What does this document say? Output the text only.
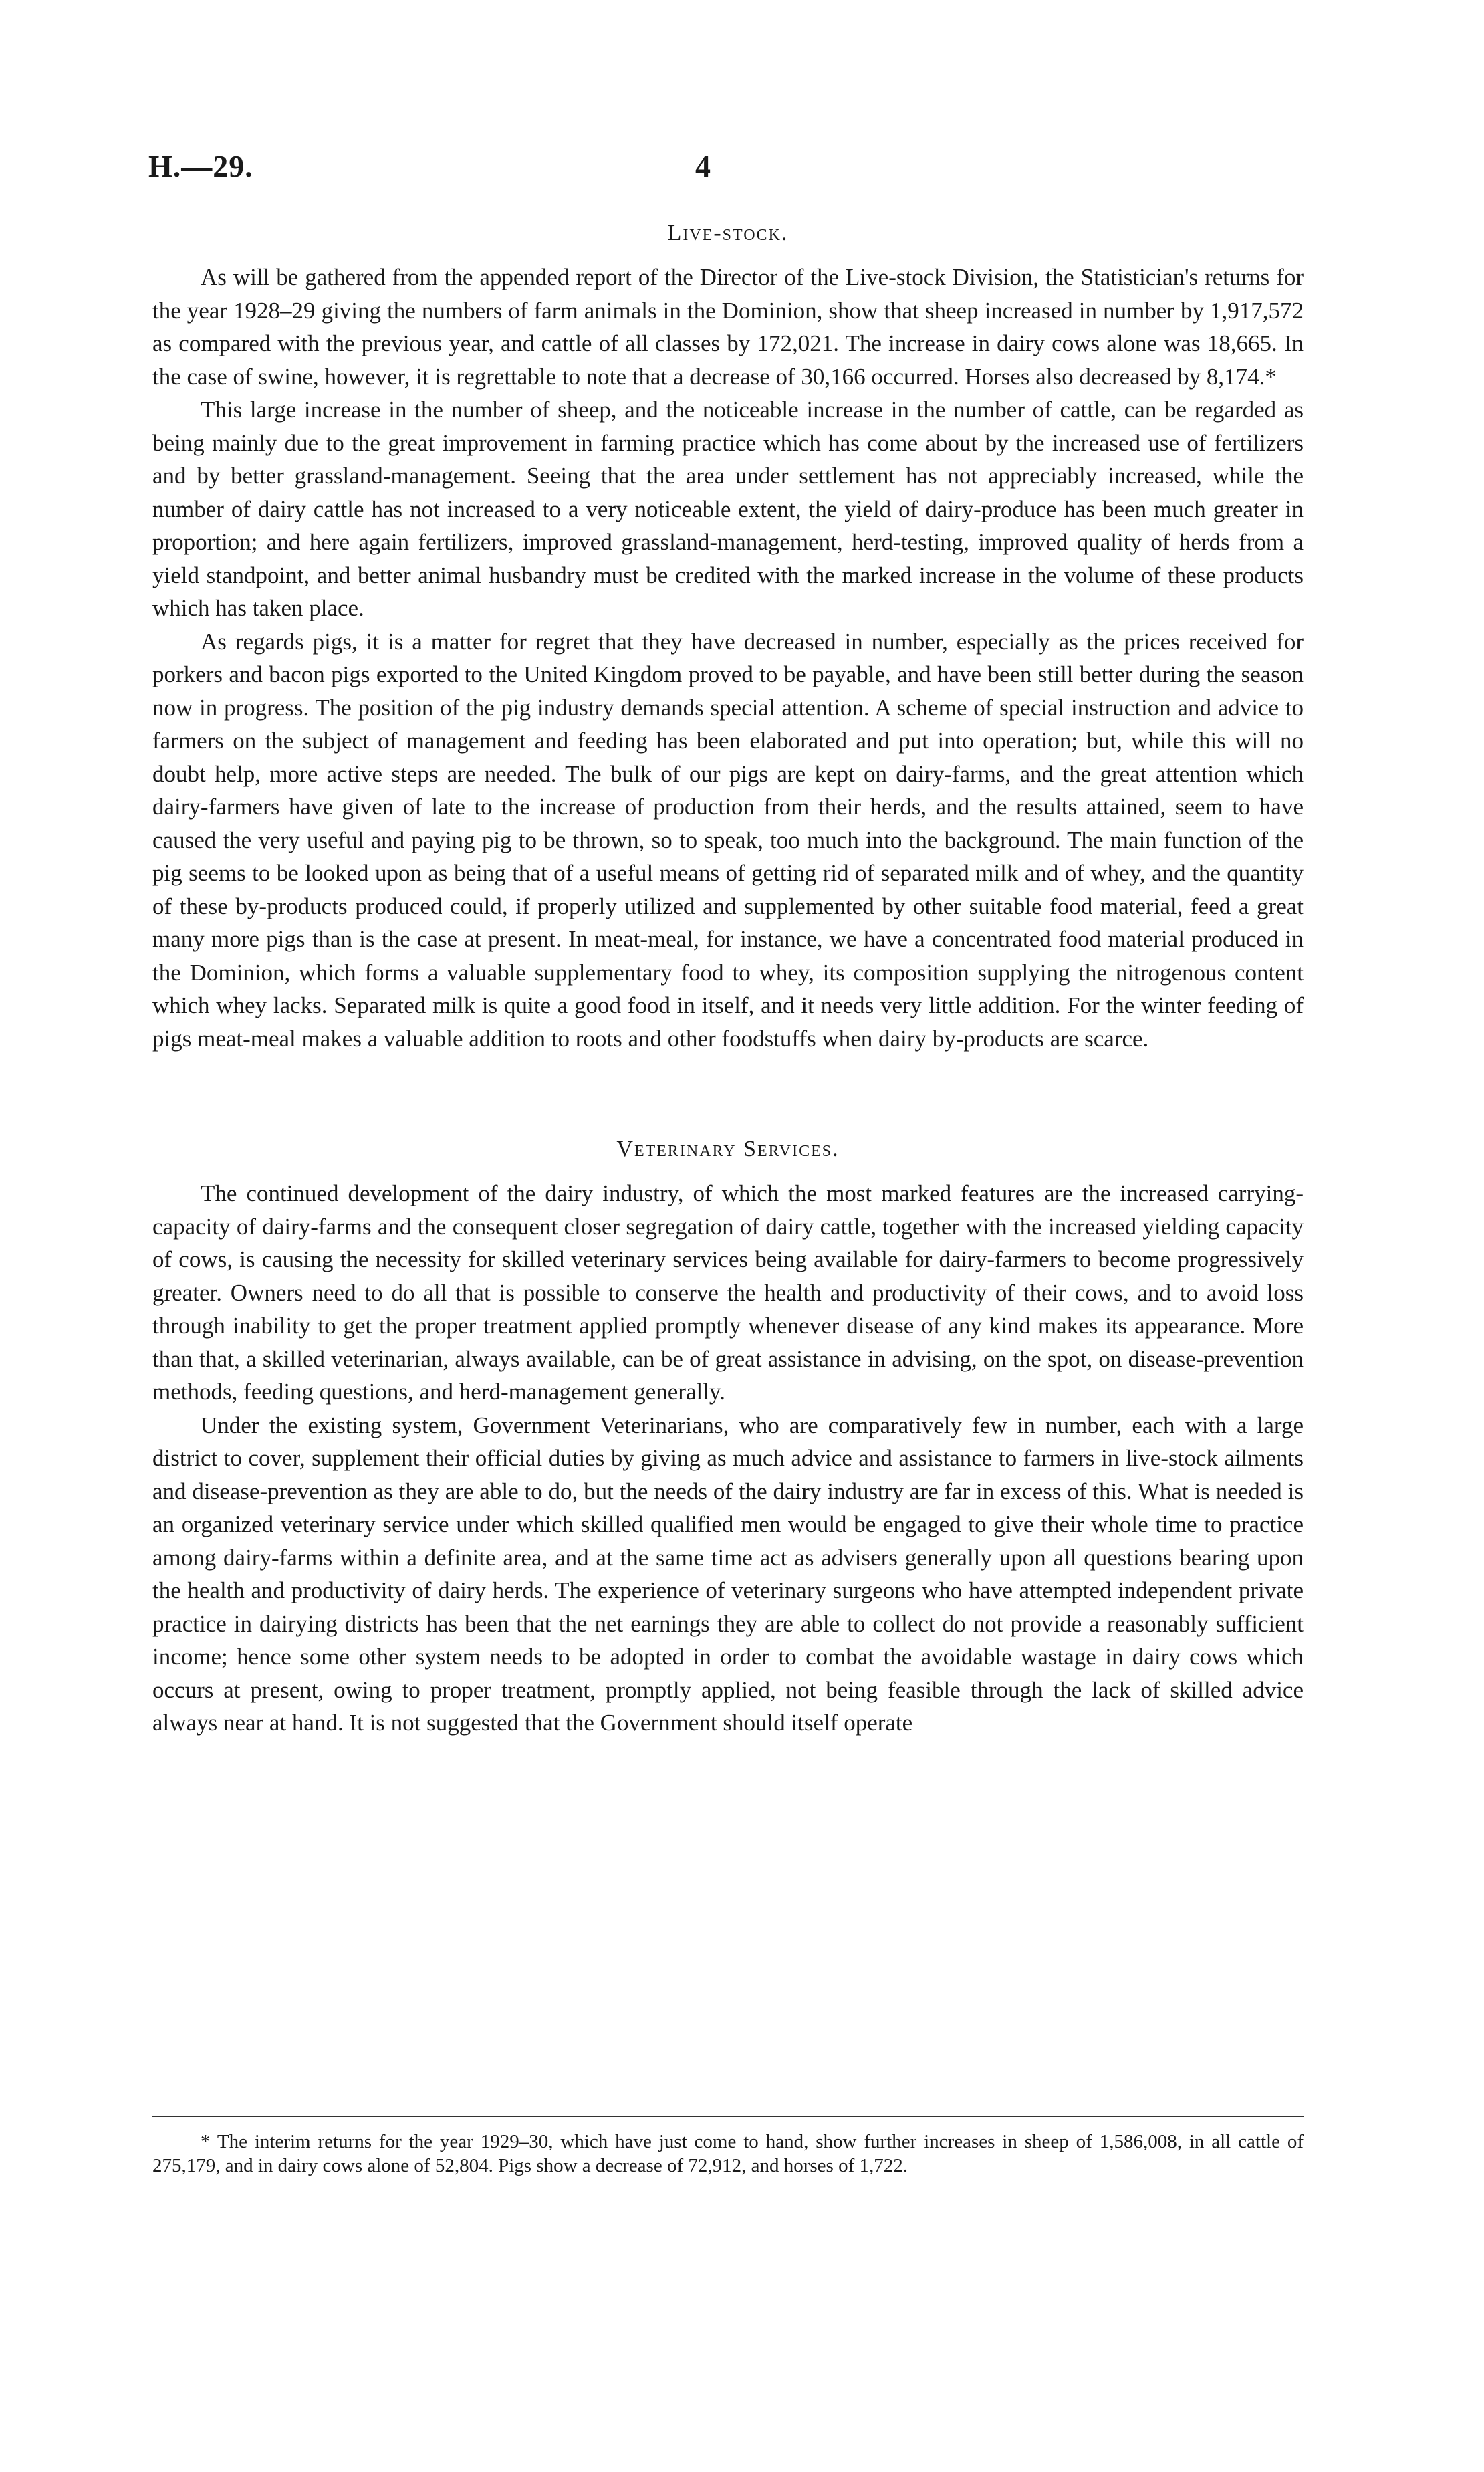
H.—29.	4
Live-stock.

As will be gathered from the appended report of the Director of the Live-stock Division, the Statistician's returns for the year 1928–29 giving the numbers of farm animals in the Dominion, show that sheep increased in number by 1,917,572 as compared with the previous year, and cattle of all classes by 172,021. The increase in dairy cows alone was 18,665. In the case of swine, however, it is regrettable to note that a decrease of 30,166 occurred. Horses also decreased by 8,174.*

This large increase in the number of sheep, and the noticeable increase in the number of cattle, can be regarded as being mainly due to the great improvement in farming practice which has come about by the increased use of fertilizers and by better grassland-management. Seeing that the area under settlement has not appreciably increased, while the number of dairy cattle has not increased to a very noticeable extent, the yield of dairy-produce has been much greater in proportion; and here again fertilizers, improved grassland-management, herd-testing, improved quality of herds from a yield standpoint, and better animal husbandry must be credited with the marked increase in the volume of these products which has taken place.

As regards pigs, it is a matter for regret that they have decreased in number, especially as the prices received for porkers and bacon pigs exported to the United Kingdom proved to be payable, and have been still better during the season now in progress. The position of the pig industry demands special attention. A scheme of special instruction and advice to farmers on the subject of management and feeding has been elaborated and put into operation; but, while this will no doubt help, more active steps are needed. The bulk of our pigs are kept on dairy-farms, and the great attention which dairy-farmers have given of late to the increase of production from their herds, and the results attained, seem to have caused the very useful and paying pig to be thrown, so to speak, too much into the background. The main function of the pig seems to be looked upon as being that of a useful means of getting rid of separated milk and of whey, and the quantity of these by-products produced could, if properly utilized and supplemented by other suitable food material, feed a great many more pigs than is the case at present. In meat-meal, for instance, we have a concentrated food material produced in the Dominion, which forms a valuable supplementary food to whey, its composition supplying the nitrogenous content which whey lacks. Separated milk is quite a good food in itself, and it needs very little addition. For the winter feeding of pigs meat-meal makes a valuable addition to roots and other foodstuffs when dairy by-products are scarce.

Veterinary Services.

The continued development of the dairy industry, of which the most marked features are the increased carrying-capacity of dairy-farms and the consequent closer segregation of dairy cattle, together with the increased yielding capacity of cows, is causing the necessity for skilled veterinary services being available for dairy-farmers to become progressively greater. Owners need to do all that is possible to conserve the health and productivity of their cows, and to avoid loss through inability to get the proper treatment applied promptly whenever disease of any kind makes its appearance. More than that, a skilled veterinarian, always available, can be of great assistance in advising, on the spot, on disease-prevention methods, feeding questions, and herd-management generally.

Under the existing system, Government Veterinarians, who are comparatively few in number, each with a large district to cover, supplement their official duties by giving as much advice and assistance to farmers in live-stock ailments and disease-prevention as they are able to do, but the needs of the dairy industry are far in excess of this. What is needed is an organized veterinary service under which skilled qualified men would be engaged to give their whole time to practice among dairy-farms within a definite area, and at the same time act as advisers generally upon all questions bearing upon the health and productivity of dairy herds. The experience of veterinary surgeons who have attempted independent private practice in dairying districts has been that the net earnings they are able to collect do not provide a reasonably sufficient income; hence some other system needs to be adopted in order to combat the avoidable wastage in dairy cows which occurs at present, owing to proper treatment, promptly applied, not being feasible through the lack of skilled advice always near at hand. It is not suggested that the Government should itself operate

* The interim returns for the year 1929–30, which have just come to hand, show further increases in sheep of 1,586,008, in all cattle of 275,179, and in dairy cows alone of 52,804. Pigs show a decrease of 72,912, and horses of 1,722.
